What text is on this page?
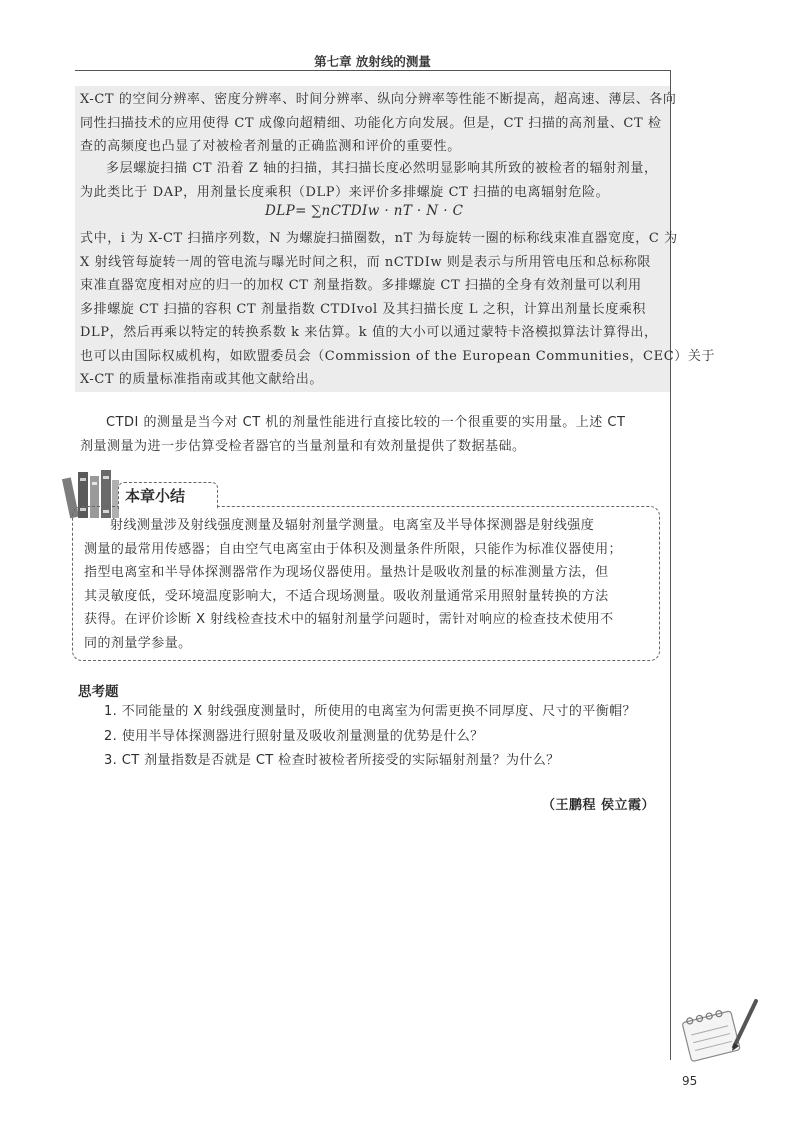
第七章 放射线的测量
X-CT 的空间分辨率、密度分辨率、时间分辨率、纵向分辨率等性能不断提高，超高速、薄层、各向
同性扫描技术的应用使得 CT 成像向超精细、功能化方向发展。但是，CT 扫描的高剂量、CT 检
查的高频度也凸显了对被检者剂量的正确监测和评价的重要性。
多层螺旋扫描 CT 沿着 Z 轴的扫描，其扫描长度必然明显影响其所致的被检者的辐射剂量，
为此类比于 DAP，用剂量长度乘积（DLP）来评价多排螺旋 CT 扫描的电离辐射危险。
DLP= ∑nCTDIw · nT · N · C
式中，i 为 X-CT 扫描序列数，N 为螺旋扫描圈数，nT 为每旋转一圈的标称线束准直器宽度，C 为
X 射线管每旋转一周的管电流与曝光时间之积，而 nCTDIw 则是表示与所用管电压和总标称限
束准直器宽度相对应的归一的加权 CT 剂量指数。多排螺旋 CT 扫描的全身有效剂量可以利用
多排螺旋 CT 扫描的容积 CT 剂量指数 CTDIvol 及其扫描长度 L 之积，计算出剂量长度乘积
DLP，然后再乘以特定的转换系数 k 来估算。k 值的大小可以通过蒙特卡洛模拟算法计算得出，
也可以由国际权威机构，如欧盟委员会（Commission of the European Communities，CEC）关于
X-CT 的质量标准指南或其他文献给出。
CTDI 的测量是当今对 CT 机的剂量性能进行直接比较的一个很重要的实用量。上述 CT
剂量测量为进一步估算受检者器官的当量剂量和有效剂量提供了数据基础。
本章小结
射线测量涉及射线强度测量及辐射剂量学测量。电离室及半导体探测器是射线强度
测量的最常用传感器；自由空气电离室由于体积及测量条件所限，只能作为标准仪器使用；
指型电离室和半导体探测器常作为现场仪器使用。量热计是吸收剂量的标准测量方法，但
其灵敏度低，受环境温度影响大，不适合现场测量。吸收剂量通常采用照射量转换的方法
获得。在评价诊断 X 射线检查技术中的辐射剂量学问题时，需针对响应的检查技术使用不
同的剂量学参量。
思考题
1. 不同能量的 X 射线强度测量时，所使用的电离室为何需更换不同厚度、尺寸的平衡帽？
2. 使用半导体探测器进行照射量及吸收剂量测量的优势是什么？
3. CT 剂量指数是否就是 CT 检查时被检者所接受的实际辐射剂量？为什么？
（王鹏程 侯立霞）
95
